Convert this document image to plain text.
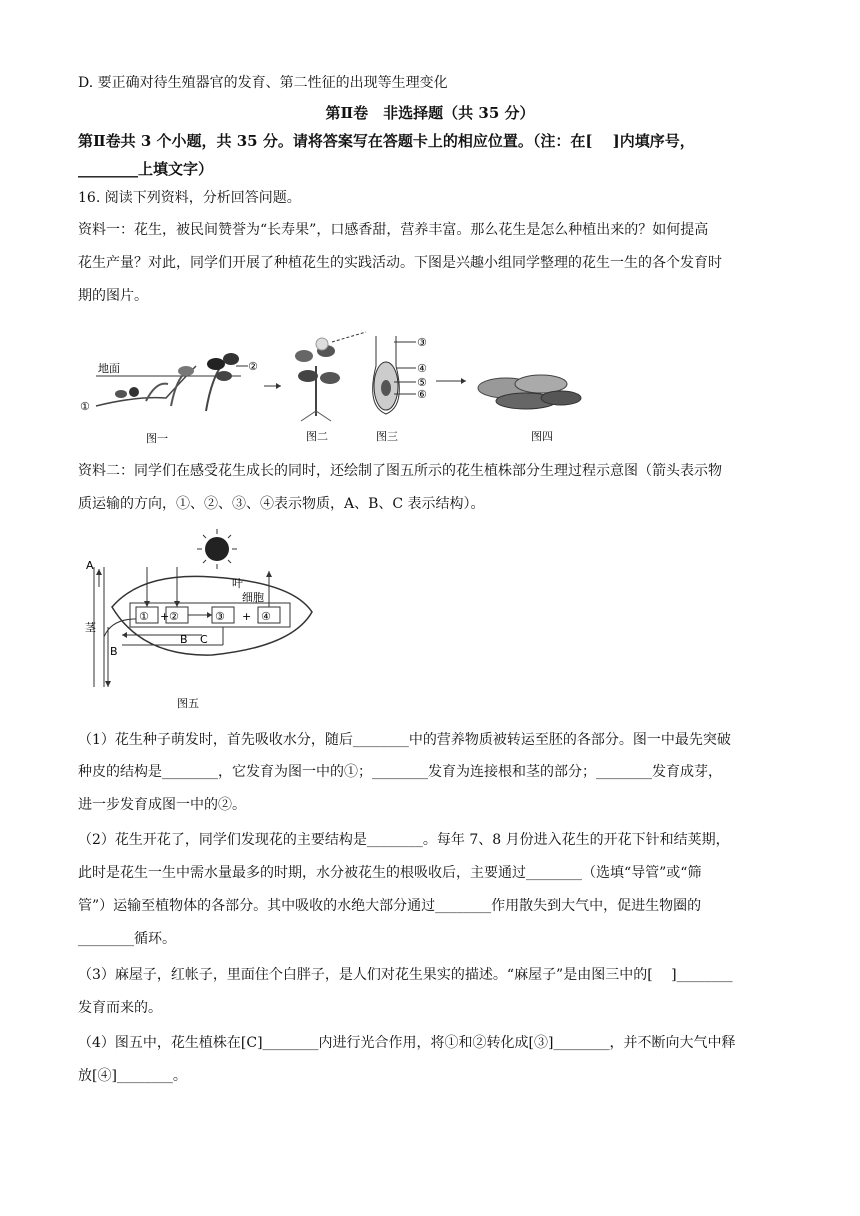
D. 要正确对待生殖器官的发育、第二性征的出现等生理变化
第Ⅱ卷　非选择题（共 35 分）
第Ⅱ卷共 3 个小题，共 35 分。请将答案写在答题卡上的相应位置。（注：在[　 ]内填序号，
________上填文字）
16. 阅读下列资料，分析回答问题。
资料一：花生，被民间赞誉为“长寿果”，口感香甜，营养丰富。那么花生是怎么种植出来的？如何提高
花生产量？对此，同学们开展了种植花生的实践活动。下图是兴趣小组同学整理的花生一生的各个发育时
期的图片。
地面
①
②
图一	图二
③
④
⑤
⑥
图三	图四
资料二：同学们在感受花生成长的同时，还绘制了图五所示的花生植株部分生理过程示意图（箭头表示物
质运输的方向，①、②、③、④表示物质，A、B、C 表示结构）。
A
茎
B
叶
细胞
① + ②	③ + ④
B C
图五
（1）花生种子萌发时，首先吸收水分，随后________中的营养物质被转运至胚的各部分。图一中最先突破
种皮的结构是________，它发育为图一中的①；________发育为连接根和茎的部分；________发育成芽，
进一步发育成图一中的②。
（2）花生开花了，同学们发现花的主要结构是________。每年 7、8 月份进入花生的开花下针和结荚期，
此时是花生一生中需水量最多的时期，水分被花生的根吸收后，主要通过________（选填“导管”或“筛
管”）运输至植物体的各部分。其中吸收的水绝大部分通过________作用散失到大气中，促进生物圈的
________循环。
（3）麻屋子，红帐子，里面住个白胖子，是人们对花生果实的描述。“麻屋子”是由图三中的[　 ]________
发育而来的。
（4）图五中，花生植株在[C]________内进行光合作用，将①和②转化成[③]________，并不断向大气中释
放[④]________。
